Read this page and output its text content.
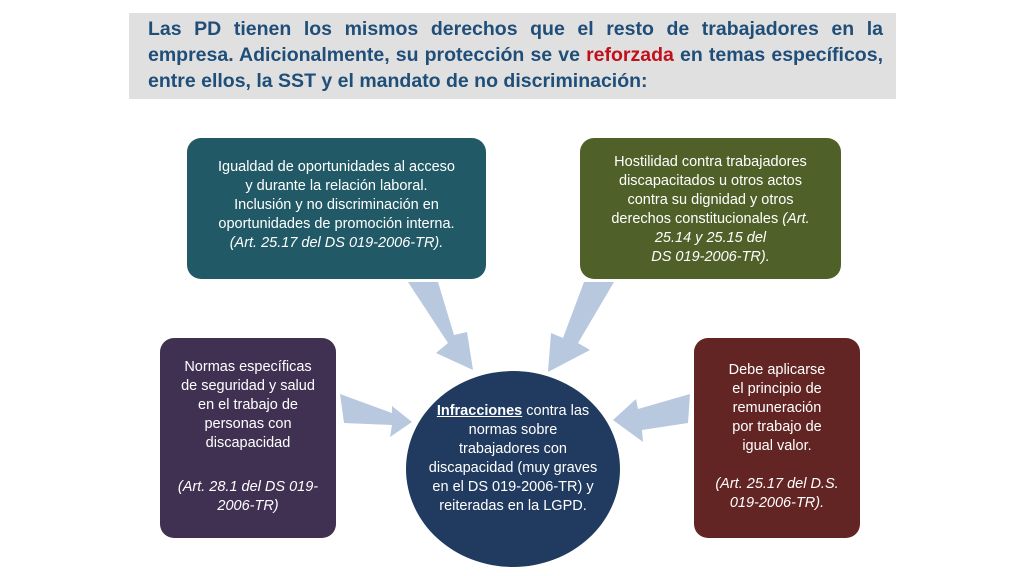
Las PD tienen los mismos derechos que el resto de trabajadores en la empresa. Adicionalmente, su protección se ve reforzada en temas específicos, entre ellos, la SST y el mandato de no discriminación:

Igualdad de oportunidades al acceso

y durante la relación laboral.

Inclusión y no discriminación en

oportunidades de promoción interna.

(Art. 25.17 del DS 019-2006-TR).

Hostilidad contra trabajadores

discapacitados u otros actos

contra su dignidad y otros

derechos constitucionales (Art.

25.14 y 25.15 del

DS 019-2006-TR).

Normas específicas

de seguridad y salud

en el trabajo de

personas con

discapacidad

(Art. 28.1 del DS 019-

2006-TR)

Debe aplicarse

el principio de

remuneración

por trabajo de

igual valor.

(Art. 25.17 del D.S.

019-2006-TR).

Infracciones contra las normas sobre trabajadores con discapacidad (muy graves en el DS 019-2006-TR) y reiteradas en la LGPD.
